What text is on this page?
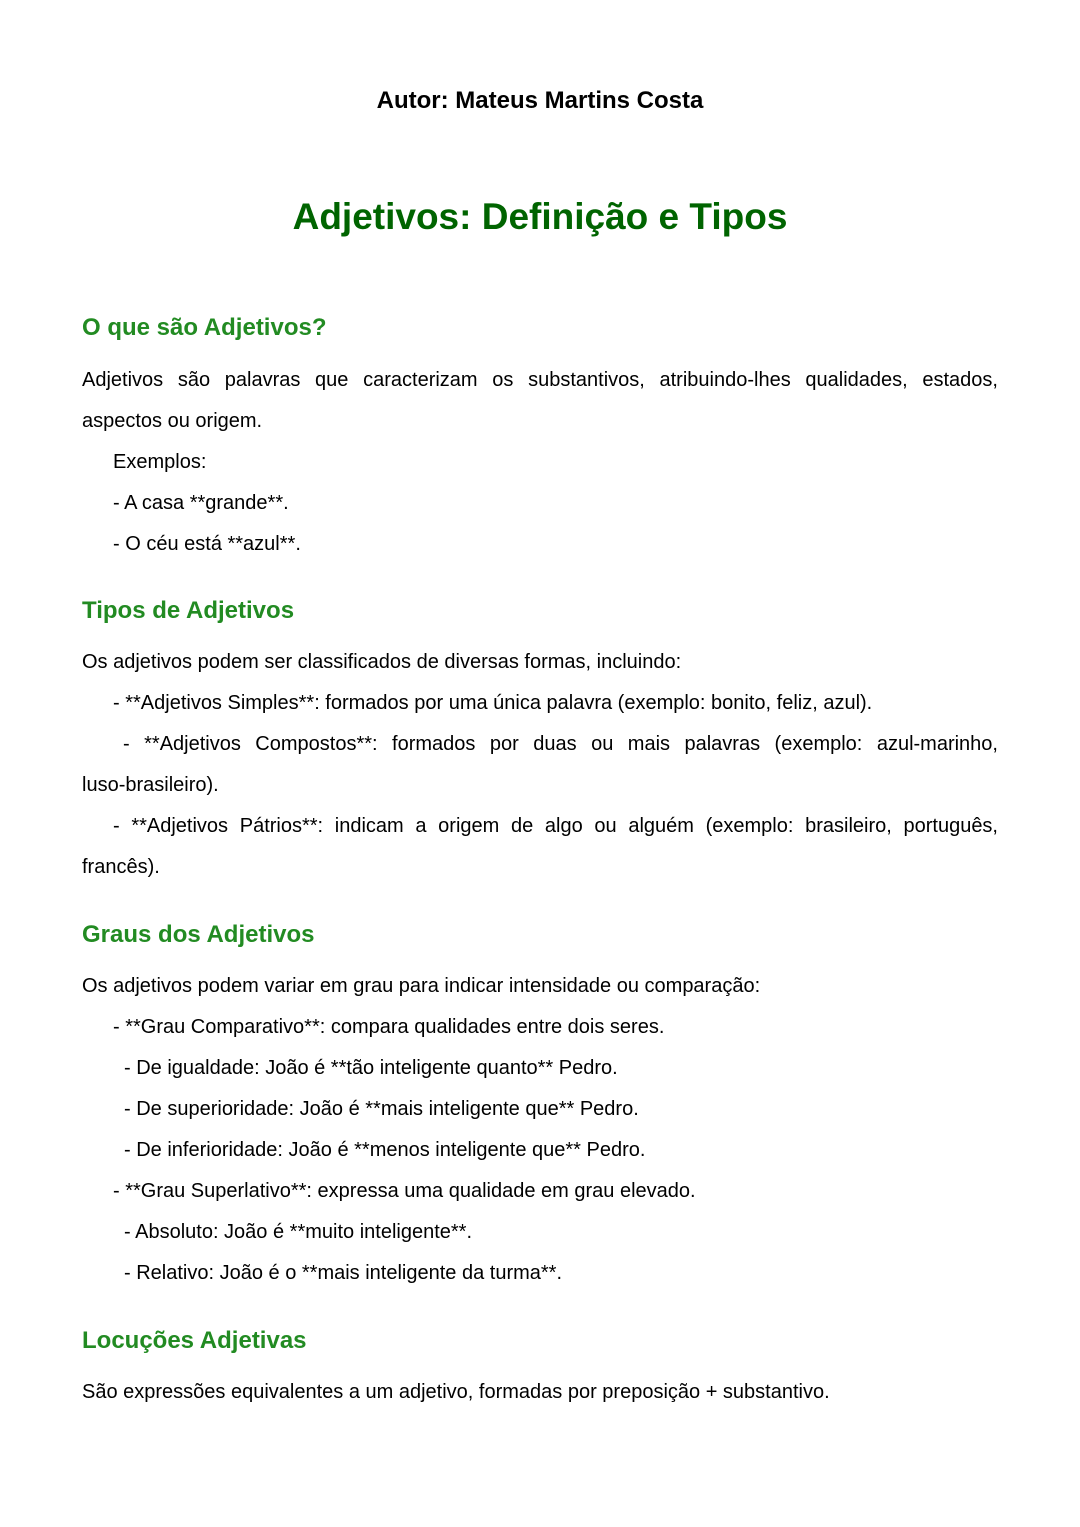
Autor: Mateus Martins Costa
Adjetivos: Definição e Tipos
O que são Adjetivos?
Adjetivos são palavras que caracterizam os substantivos, atribuindo-lhes qualidades, estados,
aspectos ou origem.
Exemplos:
- A casa **grande**.
- O céu está **azul**.
Tipos de Adjetivos
Os adjetivos podem ser classificados de diversas formas, incluindo:
- **Adjetivos Simples**: formados por uma única palavra (exemplo: bonito, feliz, azul).
- **Adjetivos Compostos**: formados por duas ou mais palavras (exemplo: azul-marinho,
luso-brasileiro).
- **Adjetivos Pátrios**: indicam a origem de algo ou alguém (exemplo: brasileiro, português,
francês).
Graus dos Adjetivos
Os adjetivos podem variar em grau para indicar intensidade ou comparação:
- **Grau Comparativo**: compara qualidades entre dois seres.
- De igualdade: João é **tão inteligente quanto** Pedro.
- De superioridade: João é **mais inteligente que** Pedro.
- De inferioridade: João é **menos inteligente que** Pedro.
- **Grau Superlativo**: expressa uma qualidade em grau elevado.
- Absoluto: João é **muito inteligente**.
- Relativo: João é o **mais inteligente da turma**.
Locuções Adjetivas
São expressões equivalentes a um adjetivo, formadas por preposição + substantivo.
